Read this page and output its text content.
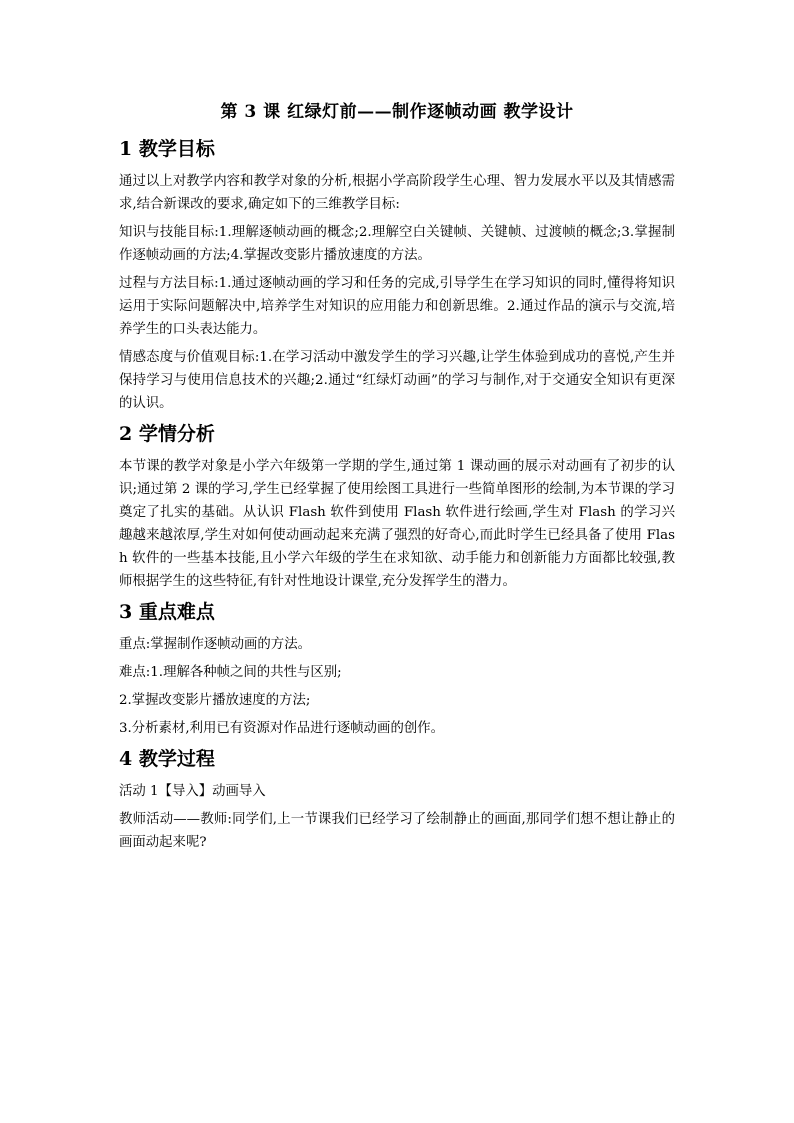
第 3 课 红绿灯前——制作逐帧动画 教学设计
1 教学目标

通过以上对教学内容和教学对象的分析,根据小学高阶段学生心理、智力发展水平以及其情感需求,结合新课改的要求,确定如下的三维教学目标:

知识与技能目标:1.理解逐帧动画的概念;2.理解空白关键帧、关键帧、过渡帧的概念;3.掌握制作逐帧动画的方法;4.掌握改变影片播放速度的方法。

过程与方法目标:1.通过逐帧动画的学习和任务的完成,引导学生在学习知识的同时,懂得将知识运用于实际问题解决中,培养学生对知识的应用能力和创新思维。2.通过作品的演示与交流,培养学生的口头表达能力。

情感态度与价值观目标:1.在学习活动中激发学生的学习兴趣,让学生体验到成功的喜悦,产生并保持学习与使用信息技术的兴趣;2.通过“红绿灯动画”的学习与制作,对于交通安全知识有更深的认识。

2 学情分析

本节课的教学对象是小学六年级第一学期的学生,通过第 1 课动画的展示对动画有了初步的认识;通过第 2 课的学习,学生已经掌握了使用绘图工具进行一些简单图形的绘制,为本节课的学习奠定了扎实的基础。从认识 Flash 软件到使用 Flash 软件进行绘画,学生对 Flash 的学习兴趣越来越浓厚,学生对如何使动画动起来充满了强烈的好奇心,而此时学生已经具备了使用 Flash 软件的一些基本技能,且小学六年级的学生在求知欲、动手能力和创新能力方面都比较强,教师根据学生的这些特征,有针对性地设计课堂,充分发挥学生的潜力。

3 重点难点

重点:掌握制作逐帧动画的方法。

难点:1.理解各种帧之间的共性与区别;

2.掌握改变影片播放速度的方法;

3.分析素材,利用已有资源对作品进行逐帧动画的创作。

4 教学过程

活动 1【导入】动画导入

教师活动——教师:同学们,上一节课我们已经学习了绘制静止的画面,那同学们想不想让静止的画面动起来呢?
